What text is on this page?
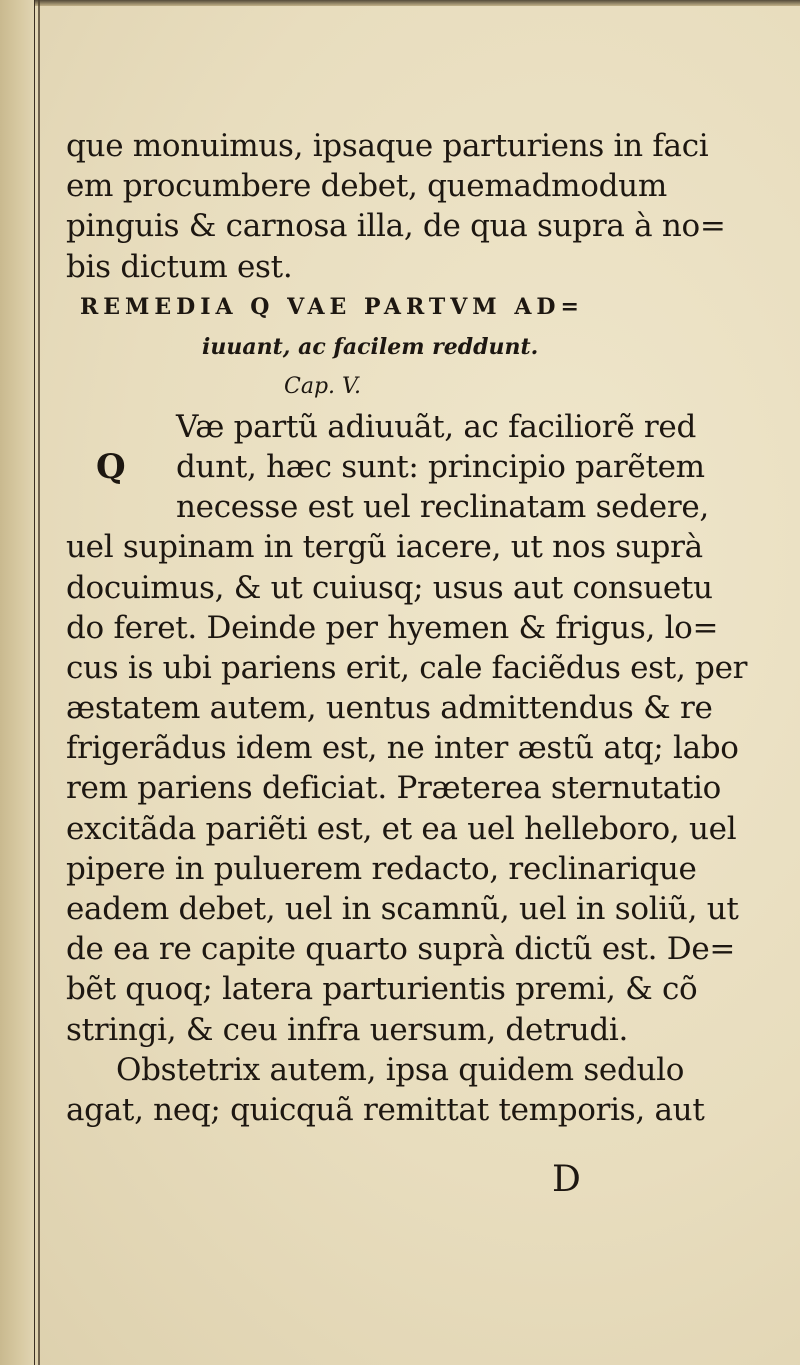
que monuimus, ipsaque parturiens in faci
em procumbere debet, quemadmodum
pinguis & carnosa illa, de qua supra à no=
bis dictum est.
REMEDIA Q VAE PARTVM AD=
iuuant, ac facilem reddunt.
Cap. V.
Q
Væ partũ adiuuãt, ac faciliorẽ red
dunt, hæc sunt: principio parẽtem
necesse est uel reclinatam sedere,
uel supinam in tergũ iacere, ut nos suprà
docuimus, & ut cuiusq; usus aut consuetu
do feret. Deinde per hyemen & frigus, lo=
cus is ubi pariens erit, cale faciẽdus est, per
æstatem autem, uentus admittendus & re
frigerãdus idem est, ne inter æstũ atq; labo
rem pariens deficiat. Præterea sternutatio
excitãda pariẽti est, et ea uel helleboro, uel
pipere in puluerem redacto, reclinarique
eadem debet, uel in scamnũ, uel in soliũ, ut
de ea re capite quarto suprà dictũ est. De=
bẽt quoq; latera parturientis premi, & cõ
stringi, & ceu infra uersum, detrudi.
Obstetrix autem, ipsa quidem sedulo
agat, neq; quicquã remittat temporis, aut
D
